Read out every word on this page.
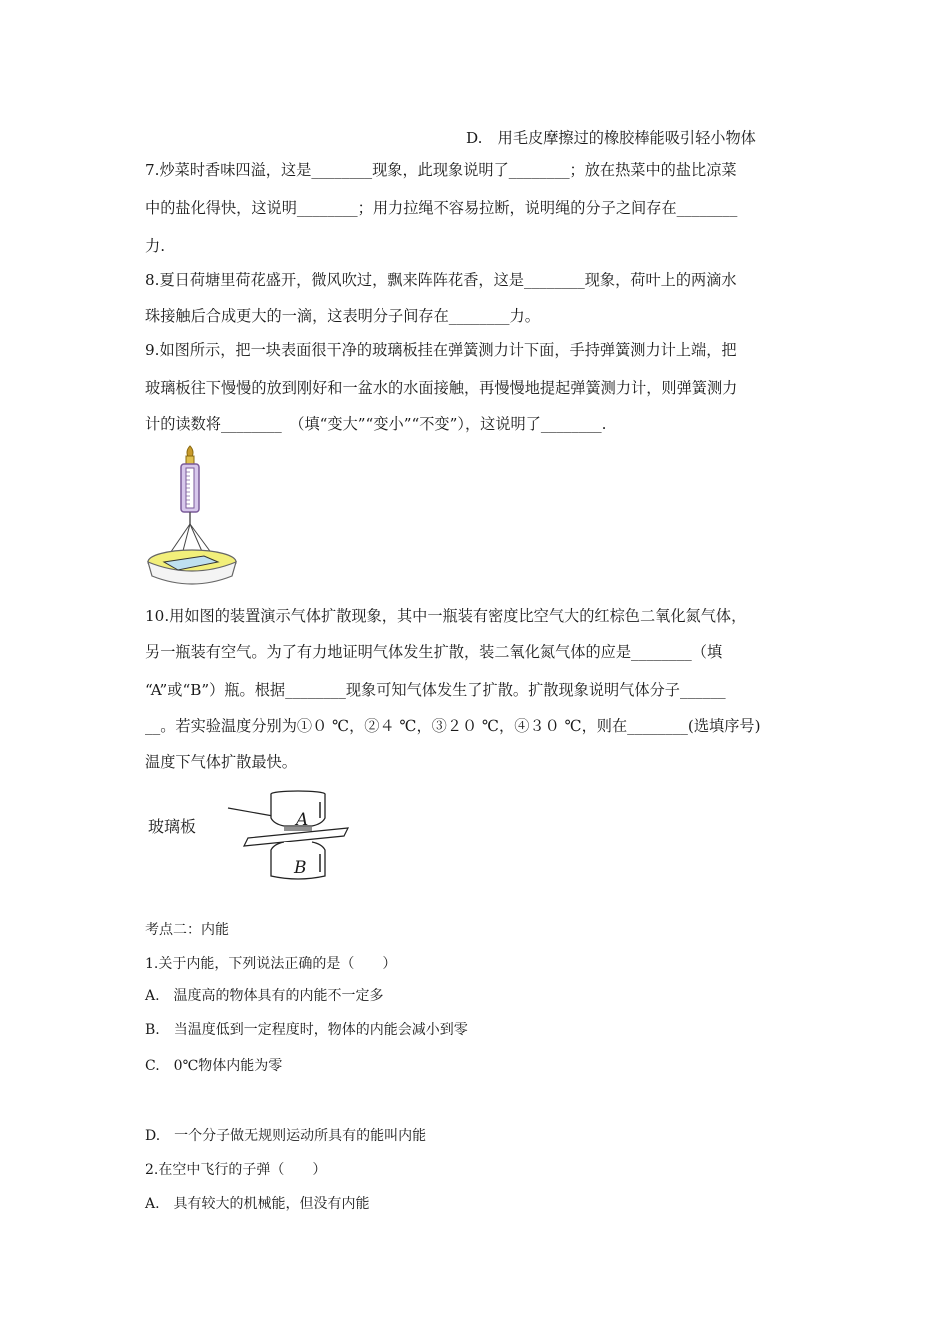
D.　用毛皮摩擦过的橡胶棒能吸引轻小物体
7.炒菜时香味四溢，这是________现象，此现象说明了________；放在热菜中的盐比凉菜
中的盐化得快，这说明________；用力拉绳不容易拉断，说明绳的分子之间存在________
力.
8.夏日荷塘里荷花盛开，微风吹过，飘来阵阵花香，这是________现象，荷叶上的两滴水
珠接触后合成更大的一滴，这表明分子间存在________力。
9.如图所示，把一块表面很干净的玻璃板挂在弹簧测力计下面，手持弹簧测力计上端，把
玻璃板往下慢慢的放到刚好和一盆水的水面接触，再慢慢地提起弹簧测力计，则弹簧测力
计的读数将________　（填“变大”“变小”“不变”），这说明了________.
10.用如图的装置演示气体扩散现象，其中一瓶装有密度比空气大的红棕色二氧化氮气体，
另一瓶装有空气。为了有力地证明气体发生扩散，装二氧化氮气体的应是________（填
“A”或“B”）瓶。根据________现象可知气体发生了扩散。扩散现象说明气体分子______
__。若实验温度分别为①０ ℃，②４ ℃，③２０ ℃，④３０ ℃，则在________(选填序号)
温度下气体扩散最快。
玻璃板	A
B
考点二：内能
1.关于内能，下列说法正确的是（　　）
A.　温度高的物体具有的内能不一定多
B.　当温度低到一定程度时，物体的内能会减小到零
C.　0℃物体内能为零
D.　一个分子做无规则运动所具有的能叫内能
2.在空中飞行的子弹（　　）
A.　具有较大的机械能，但没有内能
